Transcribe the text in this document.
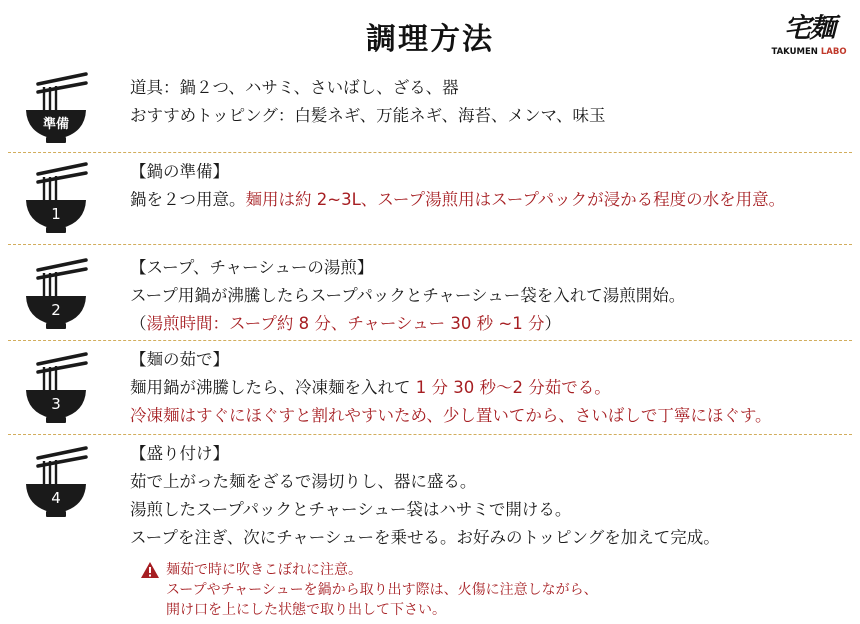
調理方法	宅麺
TAKUMEN LABO
準備
道具：鍋２つ、ハサミ、さいばし、ざる、器
おすすめトッピング：白髪ネギ、万能ネギ、海苔、メンマ、味玉
1
【鍋の準備】
鍋を２つ用意。麺用は約 2~3L、スープ湯煎用はスープパックが浸かる程度の水を用意。
2
【スープ、チャーシューの湯煎】
スープ用鍋が沸騰したらスープパックとチャーシュー袋を入れて湯煎開始。
（湯煎時間：スープ約 8 分、チャーシュー 30 秒 ~1 分）
3
【麺の茹で】
麺用鍋が沸騰したら、冷凍麺を入れて 1 分 30 秒〜2 分茹でる。
冷凍麺はすぐにほぐすと割れやすいため、少し置いてから、さいばしで丁寧にほぐす。
4
【盛り付け】
茹で上がった麺をざるで湯切りし、器に盛る。
湯煎したスープパックとチャーシュー袋はハサミで開ける。
スープを注ぎ、次にチャーシューを乗せる。お好みのトッピングを加えて完成。
麺茹で時に吹きこぼれに注意。
スープやチャーシューを鍋から取り出す際は、火傷に注意しながら、
開け口を上にした状態で取り出して下さい。
